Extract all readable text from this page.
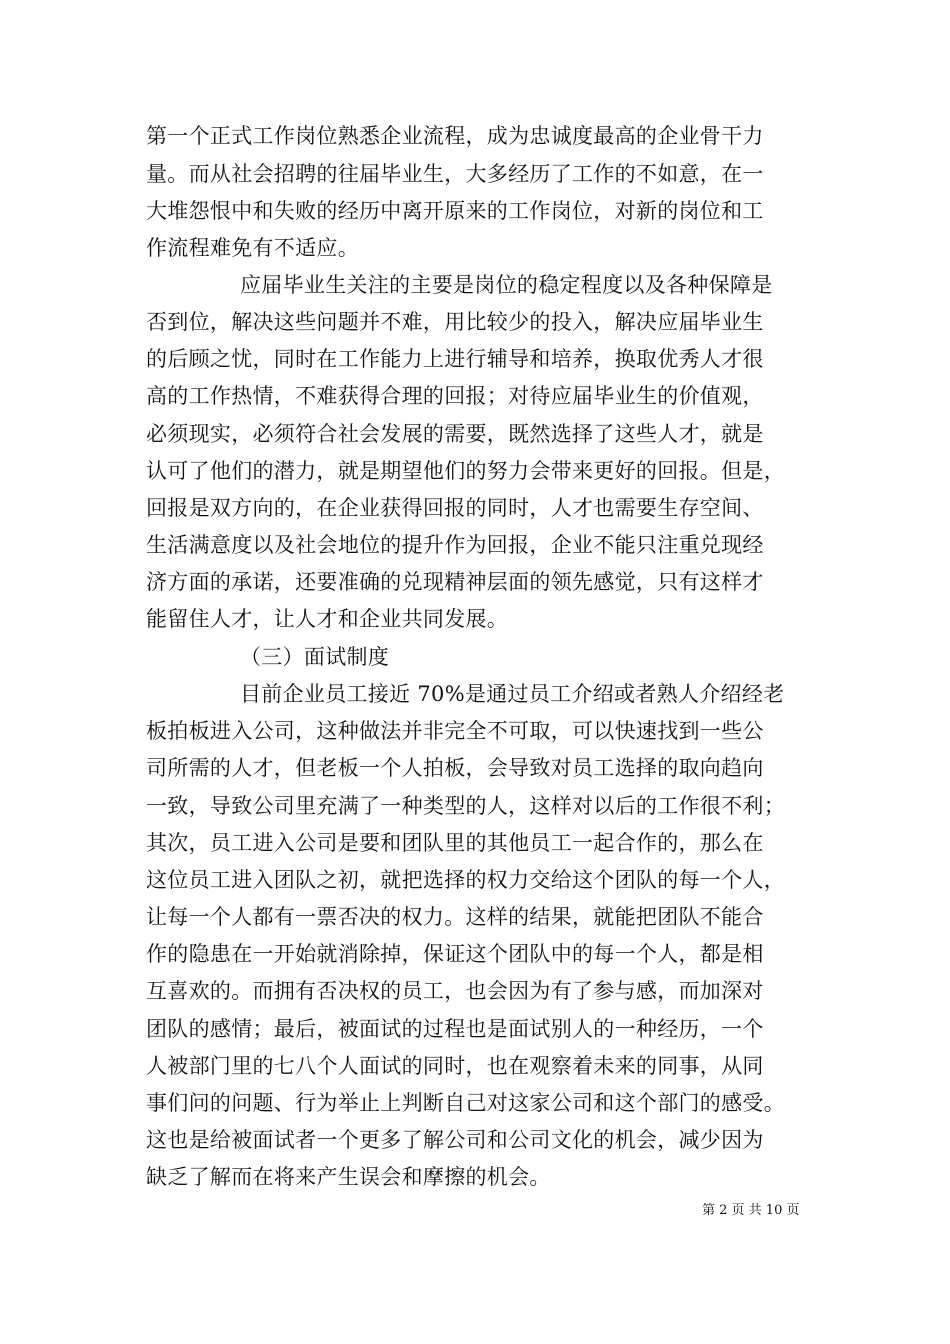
第一个正式工作岗位熟悉企业流程，成为忠诚度最高的企业骨干力
量。而从社会招聘的往届毕业生，大多经历了工作的不如意，在一
大堆怨恨中和失败的经历中离开原来的工作岗位，对新的岗位和工
作流程难免有不适应。
应届毕业生关注的主要是岗位的稳定程度以及各种保障是
否到位，解决这些问题并不难，用比较少的投入，解决应届毕业生
的后顾之忧，同时在工作能力上进行辅导和培养，换取优秀人才很
高的工作热情，不难获得合理的回报；对待应届毕业生的价值观，
必须现实，必须符合社会发展的需要，既然选择了这些人才，就是
认可了他们的潜力，就是期望他们的努力会带来更好的回报。但是，
回报是双方向的，在企业获得回报的同时，人才也需要生存空间、
生活满意度以及社会地位的提升作为回报，企业不能只注重兑现经
济方面的承诺，还要准确的兑现精神层面的领先感觉，只有这样才
能留住人才，让人才和企业共同发展。
（三）面试制度
目前企业员工接近 70%是通过员工介绍或者熟人介绍经老
板拍板进入公司，这种做法并非完全不可取，可以快速找到一些公
司所需的人才，但老板一个人拍板，会导致对员工选择的取向趋向
一致，导致公司里充满了一种类型的人，这样对以后的工作很不利；
其次，员工进入公司是要和团队里的其他员工一起合作的，那么在
这位员工进入团队之初，就把选择的权力交给这个团队的每一个人，
让每一个人都有一票否决的权力。这样的结果，就能把团队不能合
作的隐患在一开始就消除掉，保证这个团队中的每一个人，都是相
互喜欢的。而拥有否决权的员工，也会因为有了参与感，而加深对
团队的感情；最后，被面试的过程也是面试别人的一种经历，一个
人被部门里的七八个人面试的同时，也在观察着未来的同事，从同
事们问的问题、行为举止上判断自己对这家公司和这个部门的感受。
这也是给被面试者一个更多了解公司和公司文化的机会，减少因为
缺乏了解而在将来产生误会和摩擦的机会。
第 2 页 共 10 页
